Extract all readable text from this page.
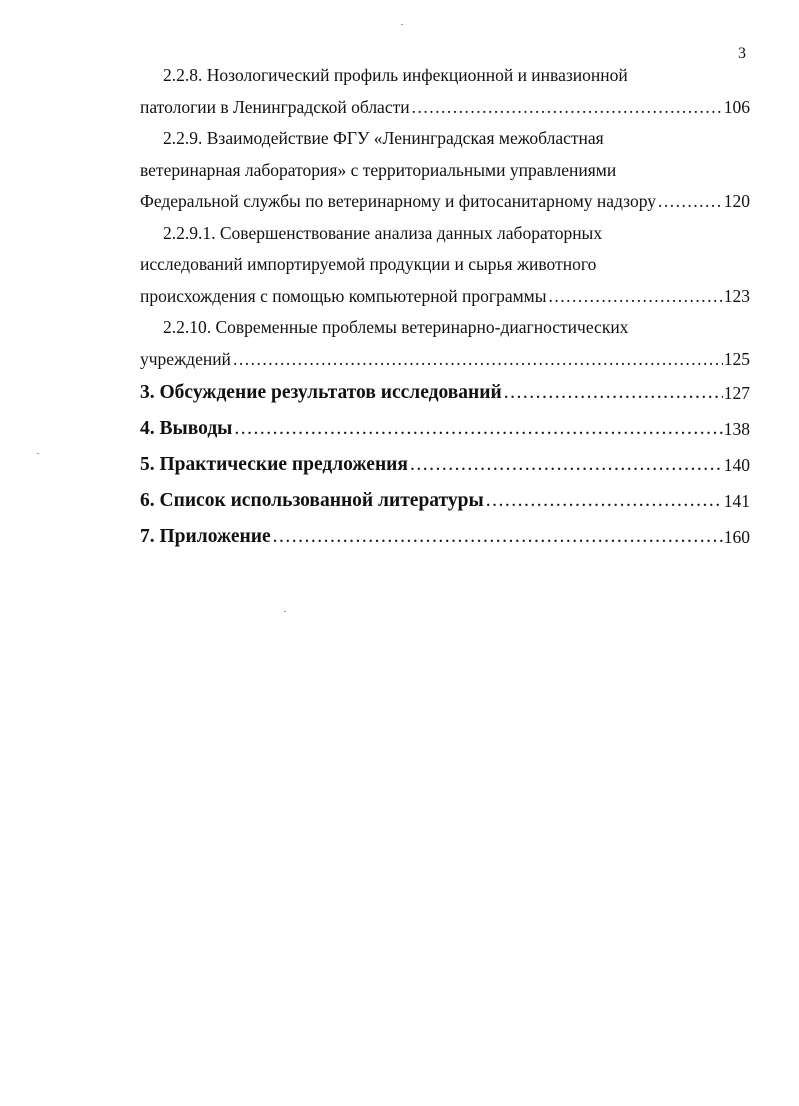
3
2.2.8. Нозологический профиль инфекционной и инвазионной
патологии в Ленинградской области .....	106
2.2.9. Взаимодействие ФГУ «Ленинградская межобластная
ветеринарная лаборатория» с территориальными управлениями
Федеральной службы по ветеринарному и фитосанитарному надзору .....	120
2.2.9.1. Совершенствование анализа данных лабораторных
исследований импортируемой продукции и сырья животного
происхождения с помощью компьютерной программы .....	123
2.2.10. Современные проблемы ветеринарно-диагностических
учреждений .....	125
3. Обсуждение результатов исследований .....	127
4. Выводы .....	138
5. Практические предложения .....	140
6. Список использованной литературы .....	141
7. Приложение .....	160
